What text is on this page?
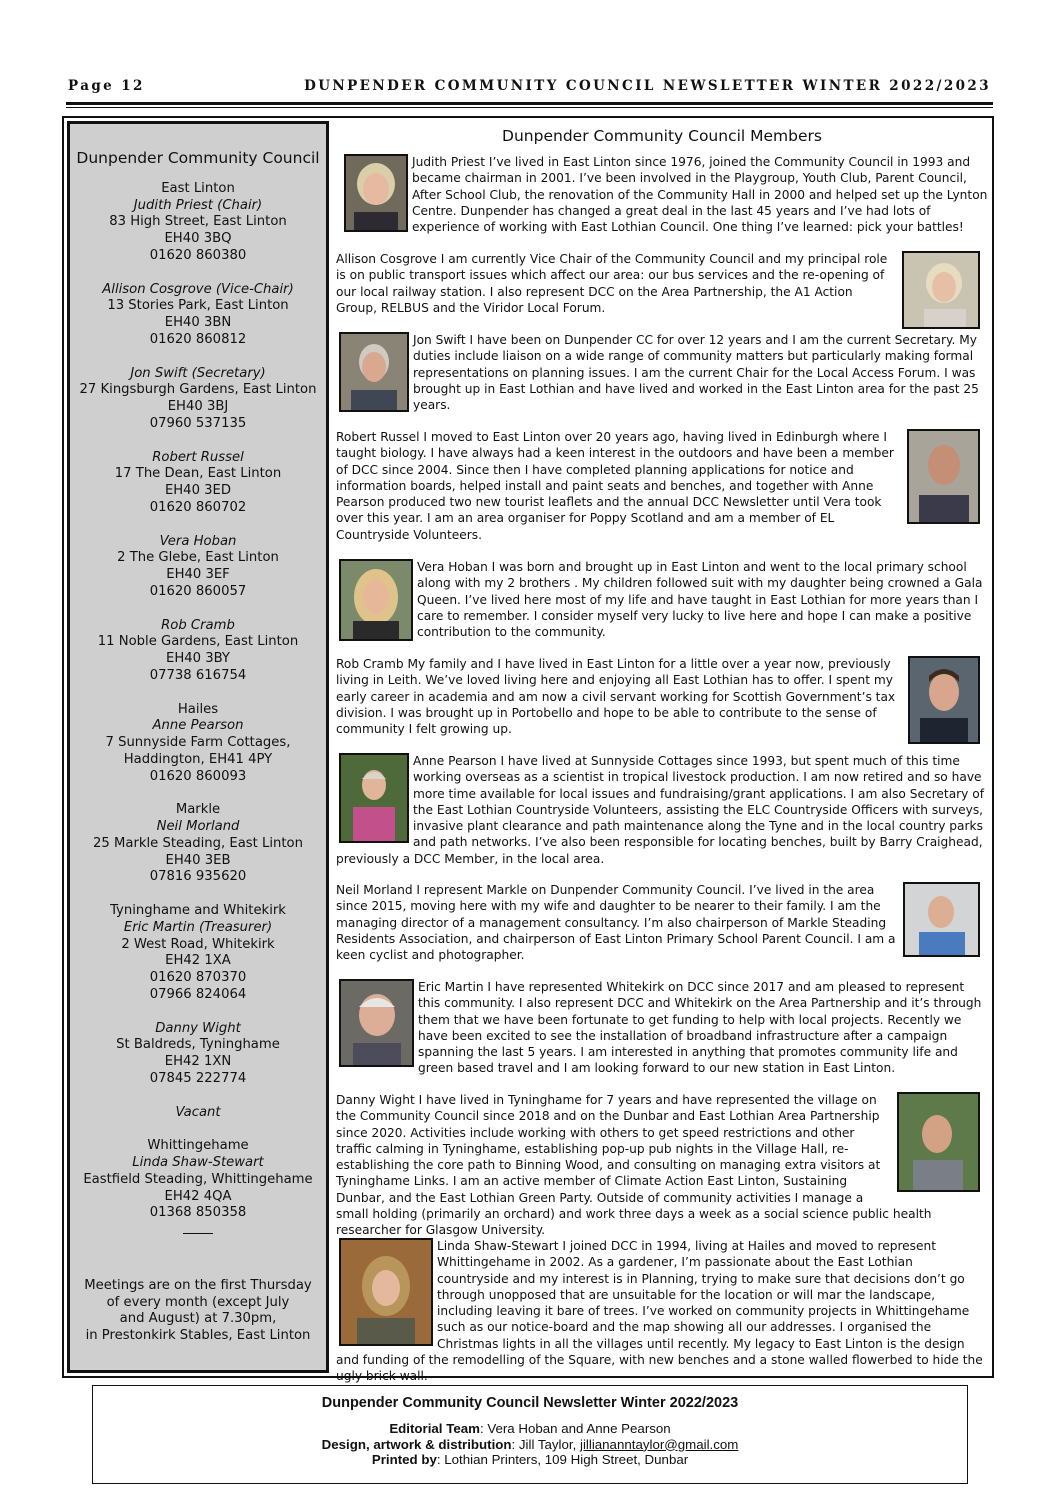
Page 12	DUNPENDER COMMUNITY COUNCIL NEWSLETTER WINTER 2022/2023
Dunpender Community Council
East Linton
Judith Priest (Chair)
83 High Street, East Linton
EH40 3BQ
01620 860380
Allison Cosgrove (Vice-Chair)
13 Stories Park, East Linton
EH40 3BN
01620 860812
Jon Swift (Secretary)
27 Kingsburgh Gardens, East Linton
EH40 3BJ
07960 537135
Robert Russel
17 The Dean, East Linton
EH40 3ED
01620 860702
Vera Hoban
2 The Glebe, East Linton
EH40 3EF
01620 860057
Rob Cramb
11 Noble Gardens, East Linton
EH40 3BY
07738 616754
Hailes
Anne Pearson
7 Sunnyside Farm Cottages,
Haddington, EH41 4PY
01620 860093
Markle
Neil Morland
25 Markle Steading, East Linton
EH40 3EB
07816 935620
Tyninghame and Whitekirk
Eric Martin (Treasurer)
2 West Road, Whitekirk
EH42 1XA
01620 870370
07966 824064
Danny Wight
St Baldreds, Tyninghame
EH42 1XN
07845 222774
Vacant
Whittingehame
Linda Shaw-Stewart
Eastfield Steading, Whittingehame
EH42 4QA
01368 850358
Meetings are on the first Thursday
of every month (except July
and August) at 7.30pm,
in Prestonkirk Stables, East Linton
Dunpender Community Council Members
Judith Priest I’ve lived in East Linton since 1976, joined the Community Council in 1993 and became chairman in 2001. I’ve been involved in the Playgroup, Youth Club, Parent Council, After School Club, the renovation of the Community Hall in 2000 and helped set up the Lynton Centre. Dunpender has changed a great deal in the last 45 years and I’ve had lots of experience of working with East Lothian Council. One thing I’ve learned: pick your battles!
Allison Cosgrove I am currently Vice Chair of the Community Council and my principal role is on public transport issues which affect our area: our bus services and the re-opening of our local railway station. I also represent DCC on the Area Partnership, the A1 Action Group, RELBUS and the Viridor Local Forum.
Jon Swift I have been on Dunpender CC for over 12 years and I am the current Secretary. My duties include liaison on a wide range of community matters but particularly making formal representations on planning issues. I am the current Chair for the Local Access Forum. I was brought up in East Lothian and have lived and worked in the East Linton area for the past 25 years.
Robert Russel I moved to East Linton over 20 years ago, having lived in Edinburgh where I taught biology. I have always had a keen interest in the outdoors and have been a member of DCC since 2004. Since then I have completed planning applications for notice and information boards, helped install and paint seats and benches, and together with Anne Pearson produced two new tourist leaflets and the annual DCC Newsletter until Vera took over this year. I am an area organiser for Poppy Scotland and am a member of EL Countryside Volunteers.
Vera Hoban I was born and brought up in East Linton and went to the local primary school along with my 2 brothers . My children followed suit with my daughter being crowned a Gala Queen. I’ve lived here most of my life and have taught in East Lothian for more years than I care to remember. I consider myself very lucky to live here and hope I can make a positive contribution to the community.
Rob Cramb My family and I have lived in East Linton for a little over a year now, previously living in Leith. We’ve loved living here and enjoying all East Lothian has to offer. I spent my early career in academia and am now a civil servant working for Scottish Government’s tax division. I was brought up in Portobello and hope to be able to contribute to the sense of community I felt growing up.
Anne Pearson I have lived at Sunnyside Cottages since 1993, but spent much of this time working overseas as a scientist in tropical livestock production. I am now retired and so have more time available for local issues and fundraising/grant applications. I am also Secretary of the East Lothian Countryside Volunteers, assisting the ELC Countryside Officers with surveys, invasive plant clearance and path maintenance along the Tyne and in the local country parks and path networks. I’ve also been responsible for locating benches, built by Barry Craighead, previously a DCC Member, in the local area.
Neil Morland I represent Markle on Dunpender Community Council. I’ve lived in the area since 2015, moving here with my wife and daughter to be nearer to their family. I am the managing director of a management consultancy. I’m also chairperson of Markle Steading Residents Association, and chairperson of East Linton Primary School Parent Council. I am a keen cyclist and photographer.
Eric Martin I have represented Whitekirk on DCC since 2017 and am pleased to represent this community. I also represent DCC and Whitekirk on the Area Partnership and it’s through them that we have been fortunate to get funding to help with local projects. Recently we have been excited to see the installation of broadband infrastructure after a campaign spanning the last 5 years. I am interested in anything that promotes community life and green based travel and I am looking forward to our new station in East Linton.
Danny Wight I have lived in Tyninghame for 7 years and have represented the village on the Community Council since 2018 and on the Dunbar and East Lothian Area Partnership since 2020. Activities include working with others to get speed restrictions and other traffic calming in Tyninghame, establishing pop-up pub nights in the Village Hall, re-establishing the core path to Binning Wood, and consulting on managing extra visitors at Tyninghame Links. I am an active member of Climate Action East Linton, Sustaining Dunbar, and the East Lothian Green Party. Outside of community activities I manage a small holding (primarily an orchard) and work three days a week as a social science public health researcher for Glasgow University.
Linda Shaw-Stewart I joined DCC in 1994, living at Hailes and moved to represent Whittingehame in 2002. As a gardener, I’m passionate about the East Lothian countryside and my interest is in Planning, trying to make sure that decisions don’t go through unopposed that are unsuitable for the location or will mar the landscape, including leaving it bare of trees. I’ve worked on community projects in Whittingehame such as our notice-board and the map showing all our addresses. I organised the Christmas lights in all the villages until recently. My legacy to East Linton is the design and funding of the remodelling of the Square, with new benches and a stone walled flowerbed to hide the ugly brick wall.
Dunpender Community Council Newsletter Winter 2022/2023
Editorial Team: Vera Hoban and Anne Pearson
Design, artwork & distribution: Jill Taylor, jilliananntaylor@gmail.com
Printed by: Lothian Printers, 109 High Street, Dunbar
